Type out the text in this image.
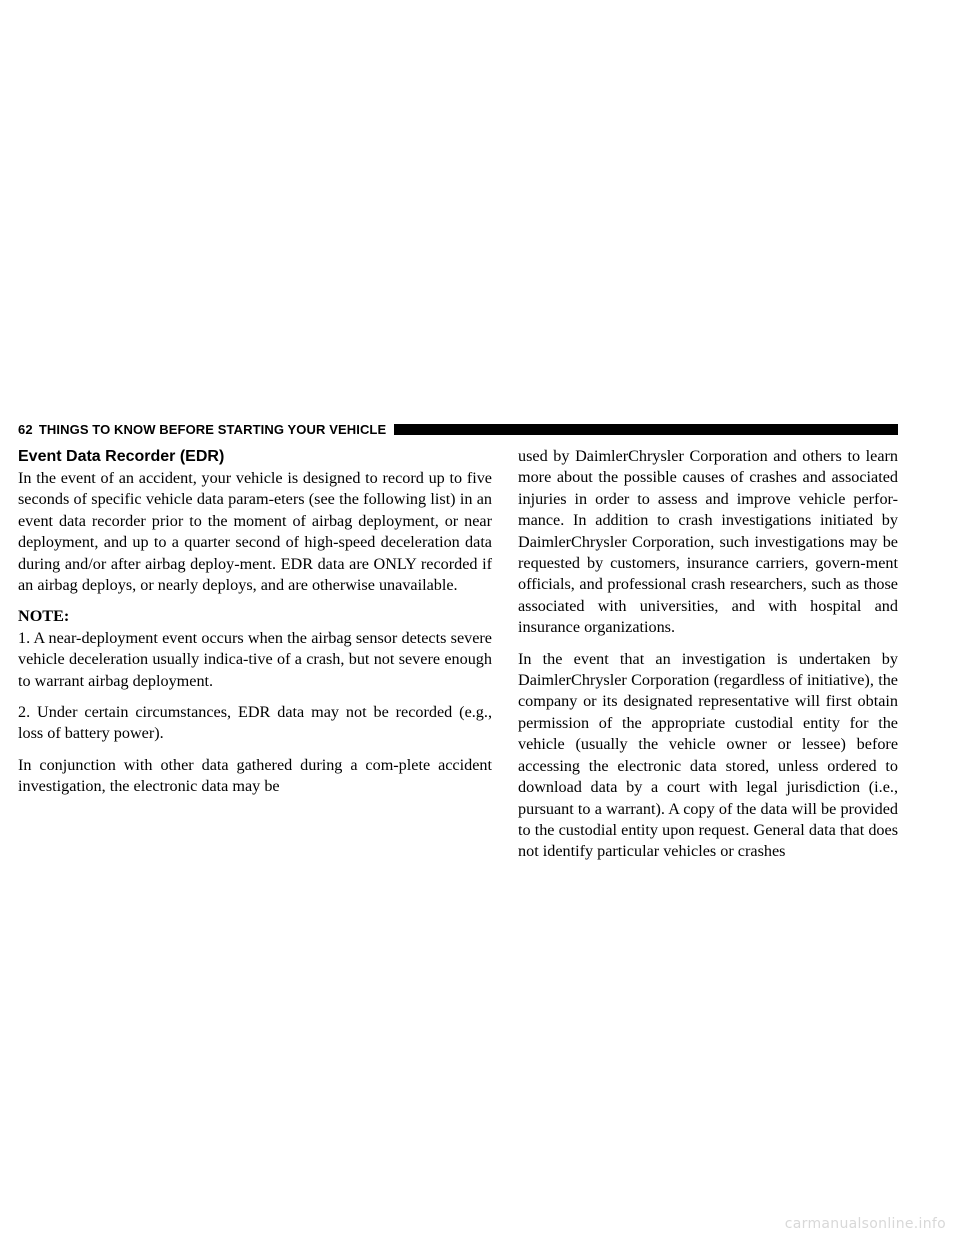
62 THINGS TO KNOW BEFORE STARTING YOUR VEHICLE
Event Data Recorder (EDR)

In the event of an accident, your vehicle is designed to record up to five seconds of specific vehicle data param-eters (see the following list) in an event data recorder prior to the moment of airbag deployment, or near deployment, and up to a quarter second of high-speed deceleration data during and/or after airbag deploy-ment. EDR data are ONLY recorded if an airbag deploys, or nearly deploys, and are otherwise unavailable.

NOTE:

1. A near-deployment event occurs when the airbag sensor detects severe vehicle deceleration usually indica-tive of a crash, but not severe enough to warrant airbag deployment.

2. Under certain circumstances, EDR data may not be recorded (e.g., loss of battery power).

In conjunction with other data gathered during a com-plete accident investigation, the electronic data may be

used by DaimlerChrysler Corporation and others to learn more about the possible causes of crashes and associated injuries in order to assess and improve vehicle perfor-mance. In addition to crash investigations initiated by DaimlerChrysler Corporation, such investigations may be requested by customers, insurance carriers, govern-ment officials, and professional crash researchers, such as those associated with universities, and with hospital and insurance organizations.

In the event that an investigation is undertaken by DaimlerChrysler Corporation (regardless of initiative), the company or its designated representative will first obtain permission of the appropriate custodial entity for the vehicle (usually the vehicle owner or lessee) before accessing the electronic data stored, unless ordered to download data by a court with legal jurisdiction (i.e., pursuant to a warrant). A copy of the data will be provided to the custodial entity upon request. General data that does not identify particular vehicles or crashes

carmanualsonline.info
